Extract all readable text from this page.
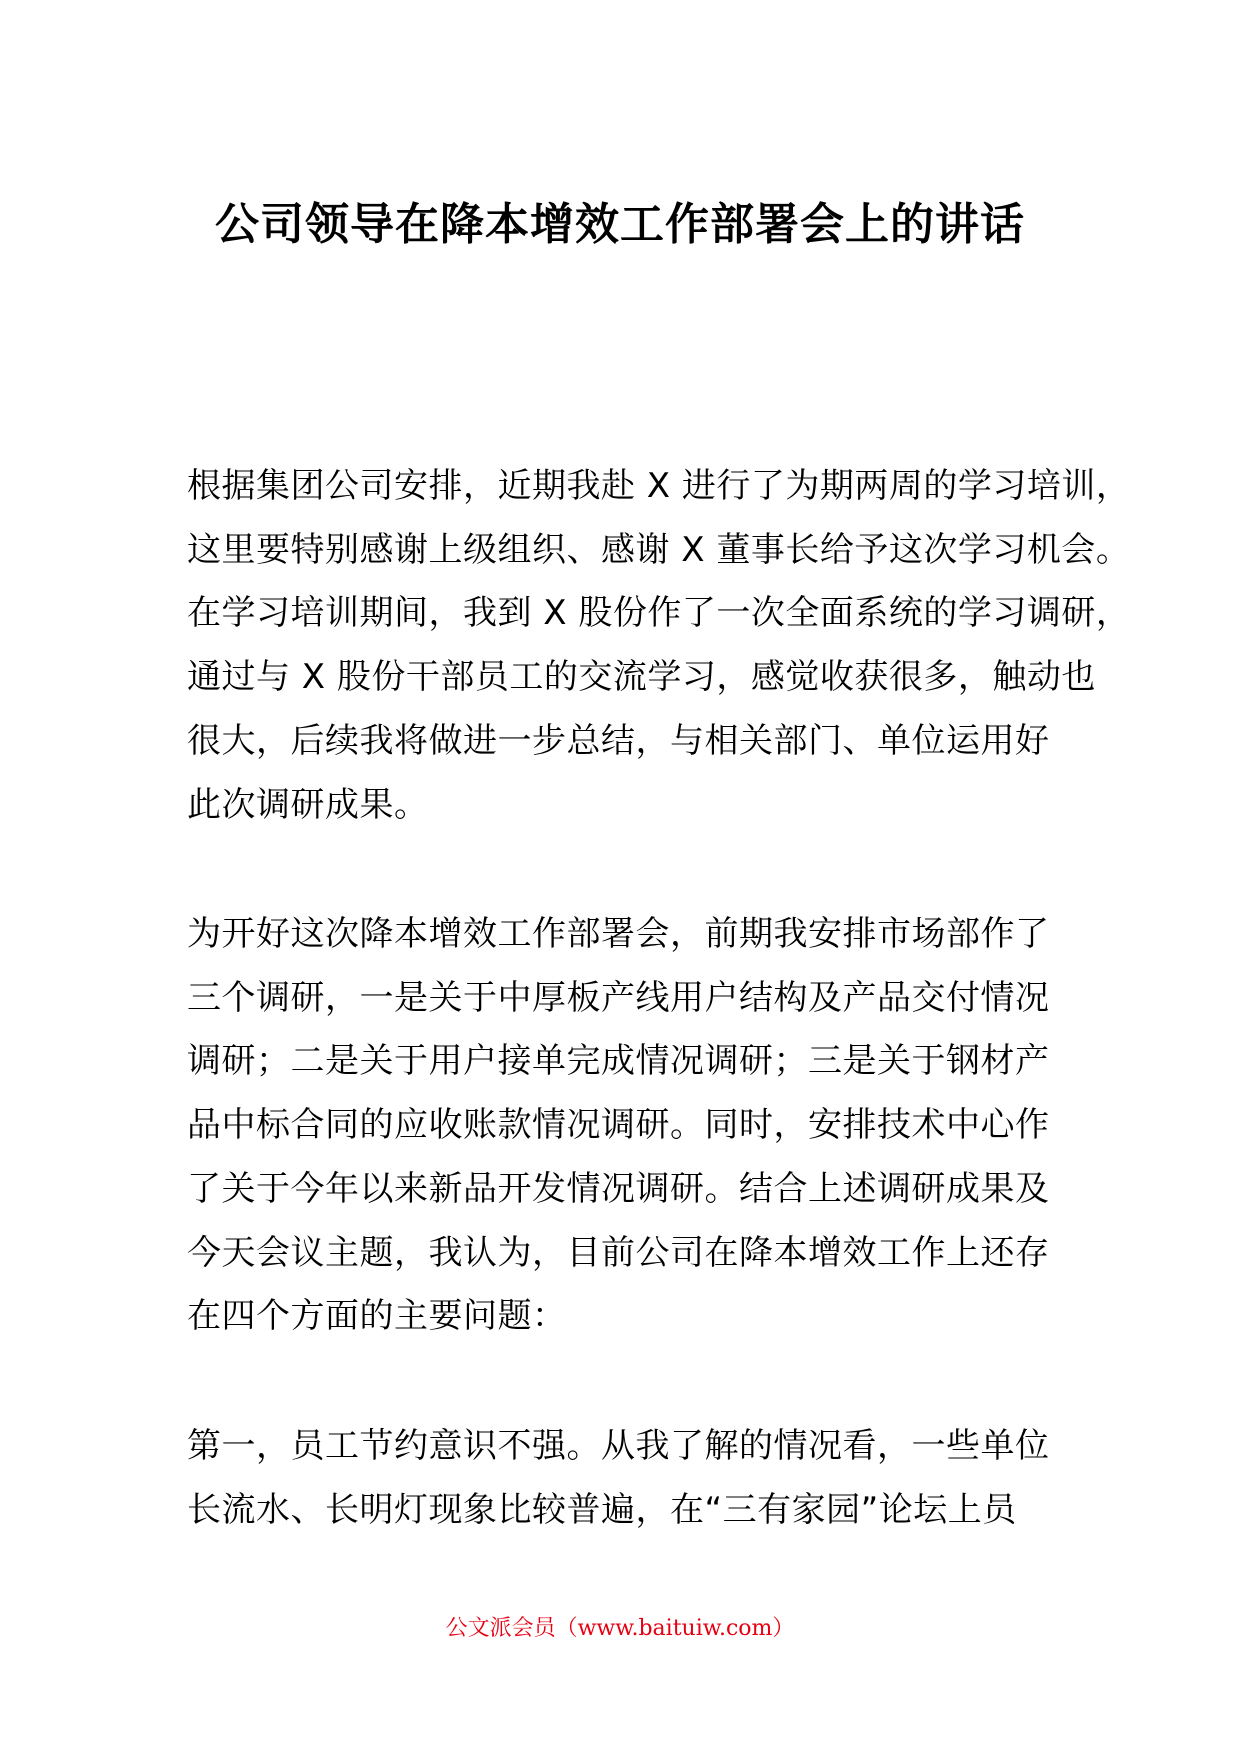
公司领导在降本增效工作部署会上的讲话
根据集团公司安排，近期我赴 X 进行了为期两周的学习培训，
这里要特别感谢上级组织、感谢 X 董事长给予这次学习机会。
在学习培训期间，我到 X 股份作了一次全面系统的学习调研，
通过与 X 股份干部员工的交流学习，感觉收获很多，触动也
很大，后续我将做进一步总结，与相关部门、单位运用好
此次调研成果。
为开好这次降本增效工作部署会，前期我安排市场部作了
三个调研，一是关于中厚板产线用户结构及产品交付情况
调研；二是关于用户接单完成情况调研；三是关于钢材产
品中标合同的应收账款情况调研。同时，安排技术中心作
了关于今年以来新品开发情况调研。结合上述调研成果及
今天会议主题，我认为，目前公司在降本增效工作上还存
在四个方面的主要问题：
第一，员工节约意识不强。从我了解的情况看，一些单位
长流水、长明灯现象比较普遍，在“三有家园”论坛上员
公文派会员（www.baituiw.com）
